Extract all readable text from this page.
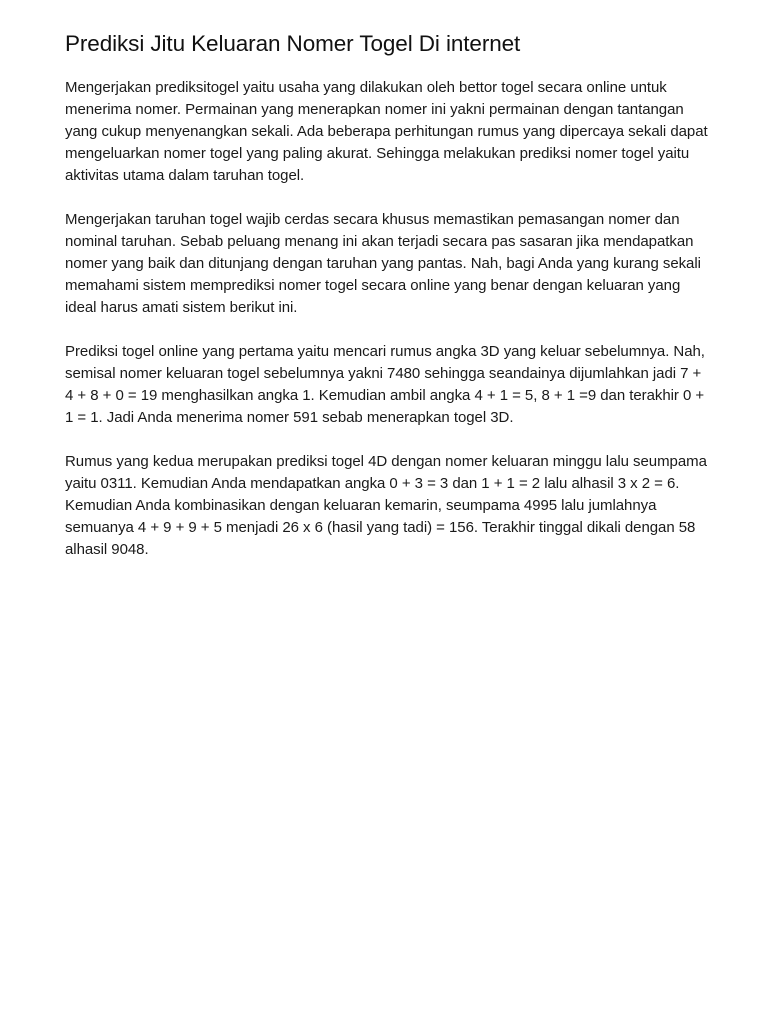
Prediksi Jitu Keluaran Nomer Togel Di internet

Mengerjakan prediksitogel yaitu usaha yang dilakukan oleh bettor togel secara online untuk menerima nomer. Permainan yang menerapkan nomer ini yakni permainan dengan tantangan yang cukup menyenangkan sekali. Ada beberapa perhitungan rumus yang dipercaya sekali dapat mengeluarkan nomer togel yang paling akurat. Sehingga melakukan prediksi nomer togel yaitu aktivitas utama dalam taruhan togel.

Mengerjakan taruhan togel wajib cerdas secara khusus memastikan pemasangan nomer dan nominal taruhan. Sebab peluang menang ini akan terjadi secara pas sasaran jika mendapatkan nomer yang baik dan ditunjang dengan taruhan yang pantas. Nah, bagi Anda yang kurang sekali memahami sistem memprediksi nomer togel secara online yang benar dengan keluaran yang ideal harus amati sistem berikut ini.

Prediksi togel online yang pertama yaitu mencari rumus angka 3D yang keluar sebelumnya. Nah, semisal nomer keluaran togel sebelumnya yakni 7480 sehingga seandainya dijumlahkan jadi 7 + 4 + 8 + 0 = 19 menghasilkan angka 1. Kemudian ambil angka 4 + 1 = 5, 8 + 1 =9 dan terakhir 0 + 1 = 1. Jadi Anda menerima nomer 591 sebab menerapkan togel 3D.

Rumus yang kedua merupakan prediksi togel 4D dengan nomer keluaran minggu lalu seumpama yaitu 0311. Kemudian Anda mendapatkan angka 0 + 3 = 3 dan 1 + 1 = 2 lalu alhasil 3 x 2 = 6. Kemudian Anda kombinasikan dengan keluaran kemarin, seumpama 4995 lalu jumlahnya semuanya 4 + 9 + 9 + 5 menjadi 26 x 6 (hasil yang tadi) = 156. Terakhir tinggal dikali dengan 58 alhasil 9048.
